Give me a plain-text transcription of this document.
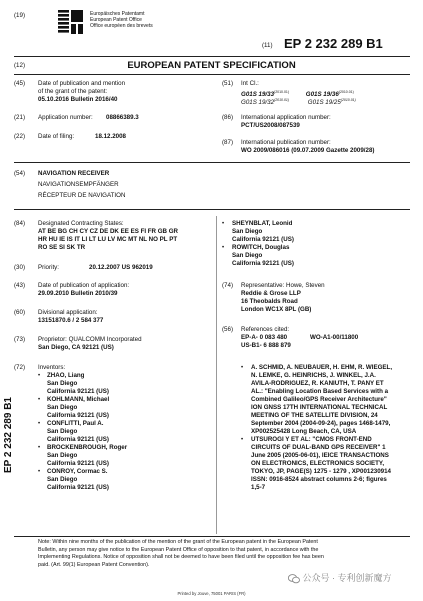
(19)	Europäisches Patentamt
European Patent Office
Office européen des brevets
(11) EP 2 232 289 B1
(12)	EUROPEAN PATENT SPECIFICATION
(45) Date of publication and mention
of the grant of the patent:
05.10.2016 Bulletin 2016/40
(21) Application number: 08866389.3
(22) Date of filing:	18.12.2008
(51) Int Cl.:
G01S $19/33^{(2010.01)}$	G01S $19/36^{(2010.01)}$
G01S $19/32^{(2010.01)}$	G01S $19/25^{(2010.01)}$
(86) International application number:
PCT/US2008/087539
(87) International publication number:
WO 2009/086016 (09.07.2009 Gazette 2009/28)
(54) NAVIGATION RECEIVER
NAVIGATIONSEMPFÄNGER
RÉCEPTEUR DE NAVIGATION
(84) Designated Contracting States:
AT BE BG CH CY CZ DE DK EE ES FI FR GB GR
HR HU IE IS IT LI LT LU LV MC MT NL NO PL PT
RO SE SI SK TR
(30) Priority:	20.12.2007 US 962019
(43) Date of publication of application:
29.09.2010 Bulletin 2010/39
(60) Divisional application:
13151870.6 / 2 584 377
(73) Proprietor: QUALCOMM Incorporated
San Diego, CA 92121 (US)
(72) Inventors:
• ZHAO, Liang
San Diego
California 92121 (US)
• KOHLMANN, Michael
San Diego
California 92121 (US)
• CONFLITTI, Paul A.
San Diego
California 92121 (US)
• BROCKENBROUGH, Roger
San Diego
California 92121 (US)
• CONROY, Cormac S.
San Diego
California 92121 (US)
• SHEYNBLAT, Leonid
San Diego
California 92121 (US)
• ROWITCH, Douglas
San Diego
California 92121 (US)
(74) Representative: Howe, Steven
Reddie & Grose LLP
16 Theobalds Road
London WC1X 8PL (GB)
(56) References cited:
EP-A- 0 083 480	WO-A1-00/11800
US-B1- 6 888 879
• A. SCHMID, A. NEUBAUER, H. EHM, R. WIEGEL,
N. LEMKE, G. HEINRICHS, J. WINKEL, J.A.
AVILA-RODRIGUEZ, R. KANIUTH, T. PANY ET
AL.: "Enabling Location Based Services with a
Combined Galileo/GPS Receiver Architecture"
ION GNSS 17TH INTERNATIONAL TECHNICAL
MEETING OF THE SATELLITE DIVISION, 24
September 2004 (2004-09-24), pages 1468-1479,
XP002525428 Long Beach, CA, USA
• UTSUROGI Y ET AL: "CMOS FRONT-END
CIRCUITS OF DUAL-BAND GPS RECEIVER" 1
June 2005 (2005-06-01), IEICE TRANSACTIONS
ON ELECTRONICS, ELECTRONICS SOCIETY,
TOKYO, JP, PAGE(S) 1275 - 1279 , XP001230914
ISSN: 0916-8524 abstract columns 2-6; figures
1,5-7
EP 2 232 289 B1
Note: Within nine months of the publication of the mention of the grant of the European patent in the European Patent
Bulletin, any person may give notice to the European Patent Office of opposition to that patent, in accordance with the
Implementing Regulations. Notice of opposition shall not be deemed to have been filed until the opposition fee has been
paid. (Art. 99(1) European Patent Convention).
公众号 · 专利创新魔方
Printed by Jouve, 75001 PARIS (FR)
